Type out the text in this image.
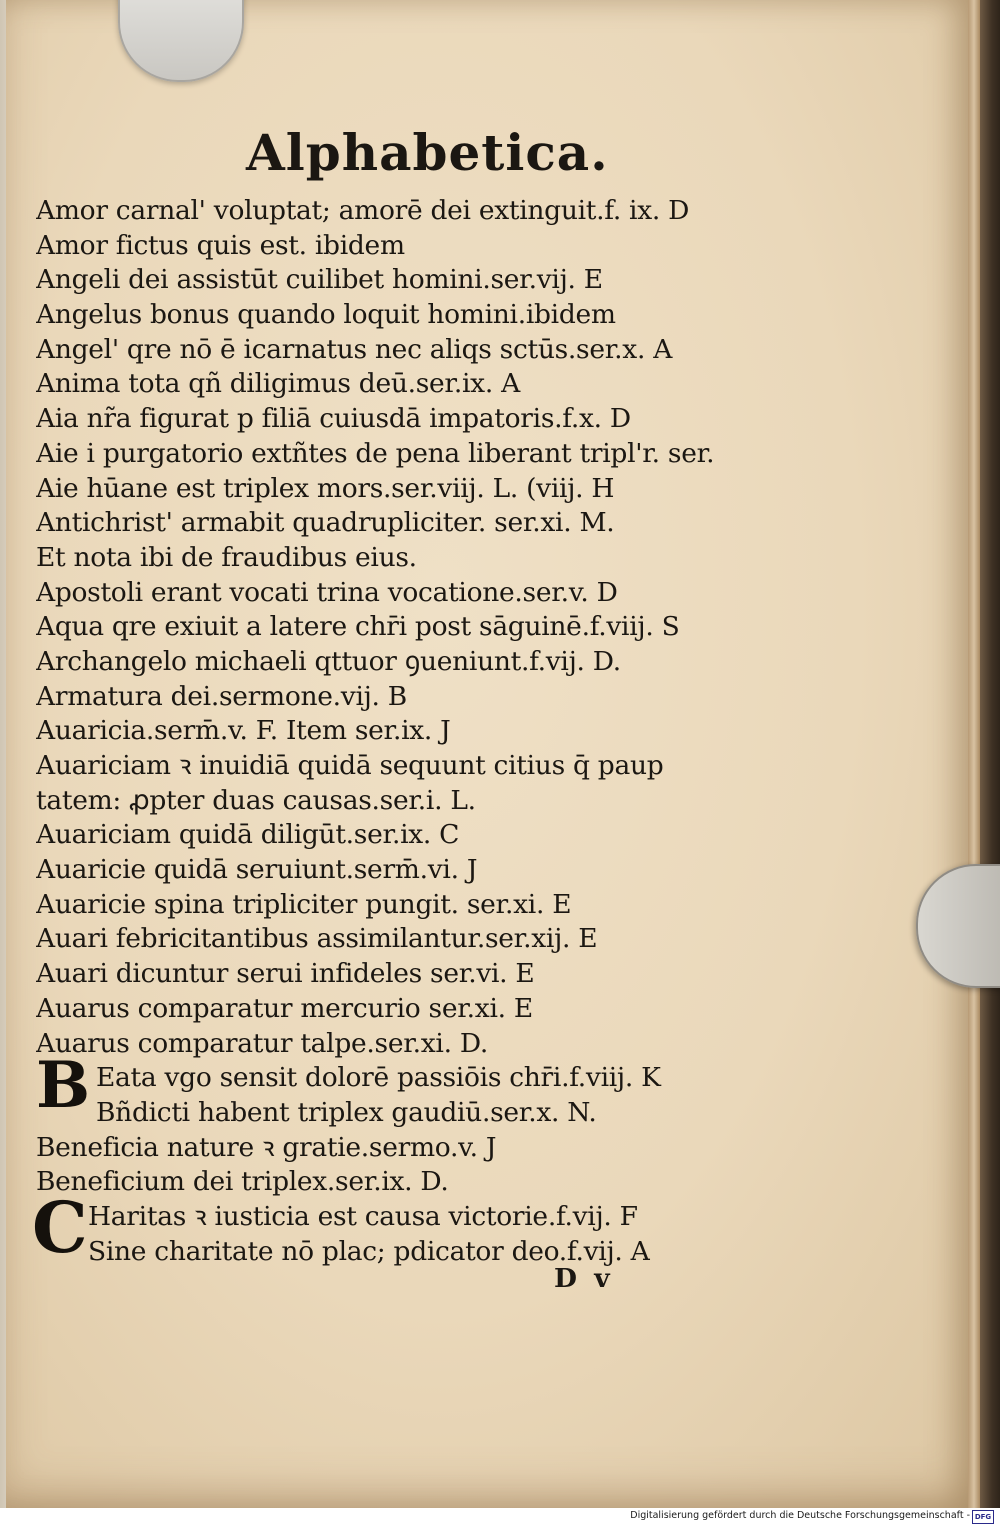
Alphabetica.
Amor carnal' voluptat; amorē dei extinguit.f. ix. D
Amor fictus quis est. ibidem
Angeli dei assistūt cuilibet homini.ser.vij. E
Angelus bonus quando loquit homini.ibidem
Angel' qre nō ē icarnatus nec aliqs sctūs.ser.x. A
Anima tota qñ diligimus deū.ser.ix. A
Aia nr̃a figurat p filiā cuiusdā impatoris.f.x. D
Aie i purgatorio extñtes de pena liberant tripl'r. ser.
Aie hūane est triplex mors.ser.viij. L. (viij. H
Antichrist' armabit quadrupliciter. ser.xi. M.
Et nota ibi de fraudibus eius.
Apostoli erant vocati trina vocatione.ser.v. D
Aqua qre exiuit a latere chr̄i post sāguinē.f.viij. S
Archangelo michaeli qttuor ꝯueniunt.f.vij. D.
Armatura dei.sermone.vij. B
Auaricia.serm̄.v. F. Item ser.ix. J
Auariciam ꝛ inuidiā quidā sequunt citius q̄ paup
tatem: ꝓpter duas causas.ser.i. L.
Auariciam quidā diligūt.ser.ix. C
Auaricie quidā seruiunt.serm̄.vi. J
Auaricie spina tripliciter pungit. ser.xi. E
Auari febricitantibus assimilantur.ser.xij. E
Auari dicuntur serui infideles ser.vi. E
Auarus comparatur mercurio ser.xi. E
Auarus comparatur talpe.ser.xi. D.
Eata vgo sensit dolorē passiōis chr̄i.f.viij. K
Bñdicti habent triplex gaudiū.ser.x. N.
Beneficia nature ꝛ gratie.sermo.v. J
Beneficium dei triplex.ser.ix. D.
Haritas ꝛ iusticia est causa victorie.f.vij. F
Sine charitate nō plac; pdicator deo.f.vij. A
B
C
D v
Digitalisierung gefördert durch die Deutsche Forschungsgemeinschaft - DFG
